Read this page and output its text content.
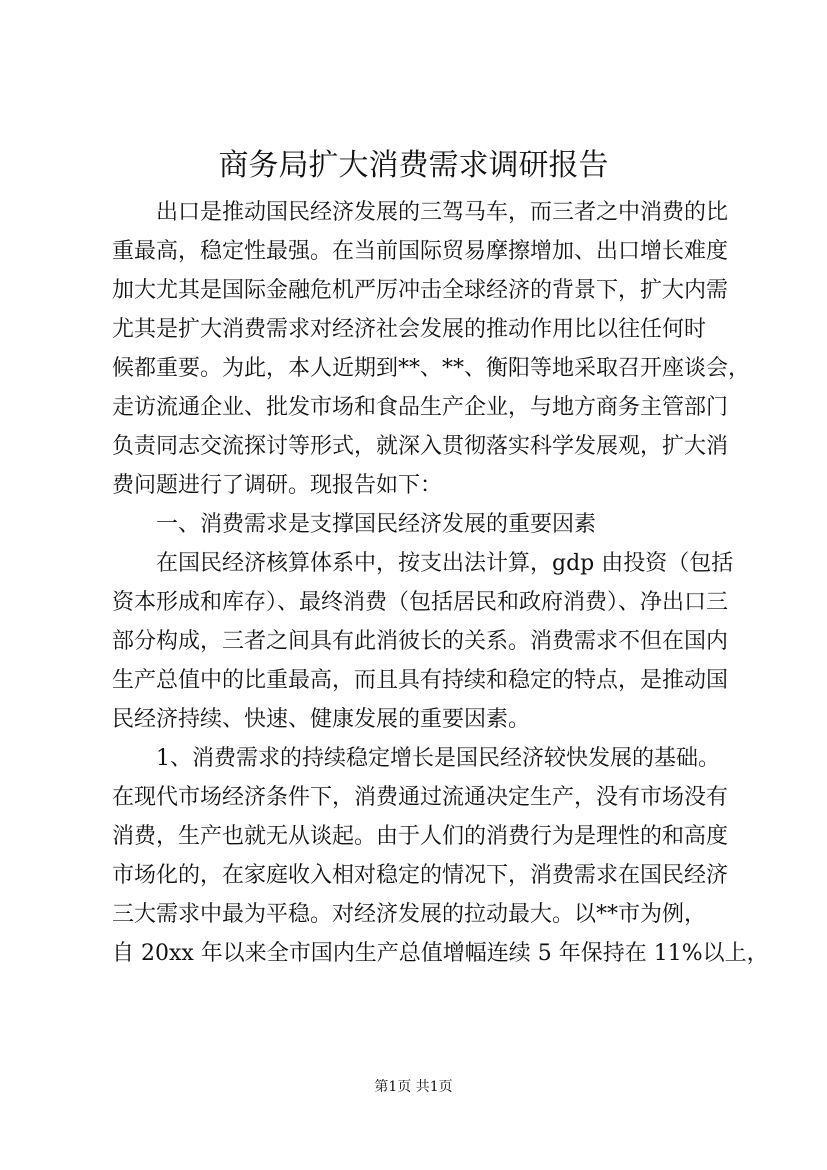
商务局扩大消费需求调研报告
出口是推动国民经济发展的三驾马车，而三者之中消费的比
重最高，稳定性最强。在当前国际贸易摩擦增加、出口增长难度
加大尤其是国际金融危机严厉冲击全球经济的背景下，扩大内需
尤其是扩大消费需求对经济社会发展的推动作用比以往任何时
候都重要。为此，本人近期到**、**、衡阳等地采取召开座谈会，
走访流通企业、批发市场和食品生产企业，与地方商务主管部门
负责同志交流探讨等形式，就深入贯彻落实科学发展观，扩大消
费问题进行了调研。现报告如下：
一、消费需求是支撑国民经济发展的重要因素
在国民经济核算体系中，按支出法计算，gdp 由投资（包括
资本形成和库存）、最终消费（包括居民和政府消费）、净出口三
部分构成，三者之间具有此消彼长的关系。消费需求不但在国内
生产总值中的比重最高，而且具有持续和稳定的特点，是推动国
民经济持续、快速、健康发展的重要因素。
1、消费需求的持续稳定增长是国民经济较快发展的基础。
在现代市场经济条件下，消费通过流通决定生产，没有市场没有
消费，生产也就无从谈起。由于人们的消费行为是理性的和高度
市场化的，在家庭收入相对稳定的情况下，消费需求在国民经济
三大需求中最为平稳。对经济发展的拉动最大。以**市为例，
自 20xx 年以来全市国内生产总值增幅连续 5 年保持在 11%以上，
第1页 共1页
